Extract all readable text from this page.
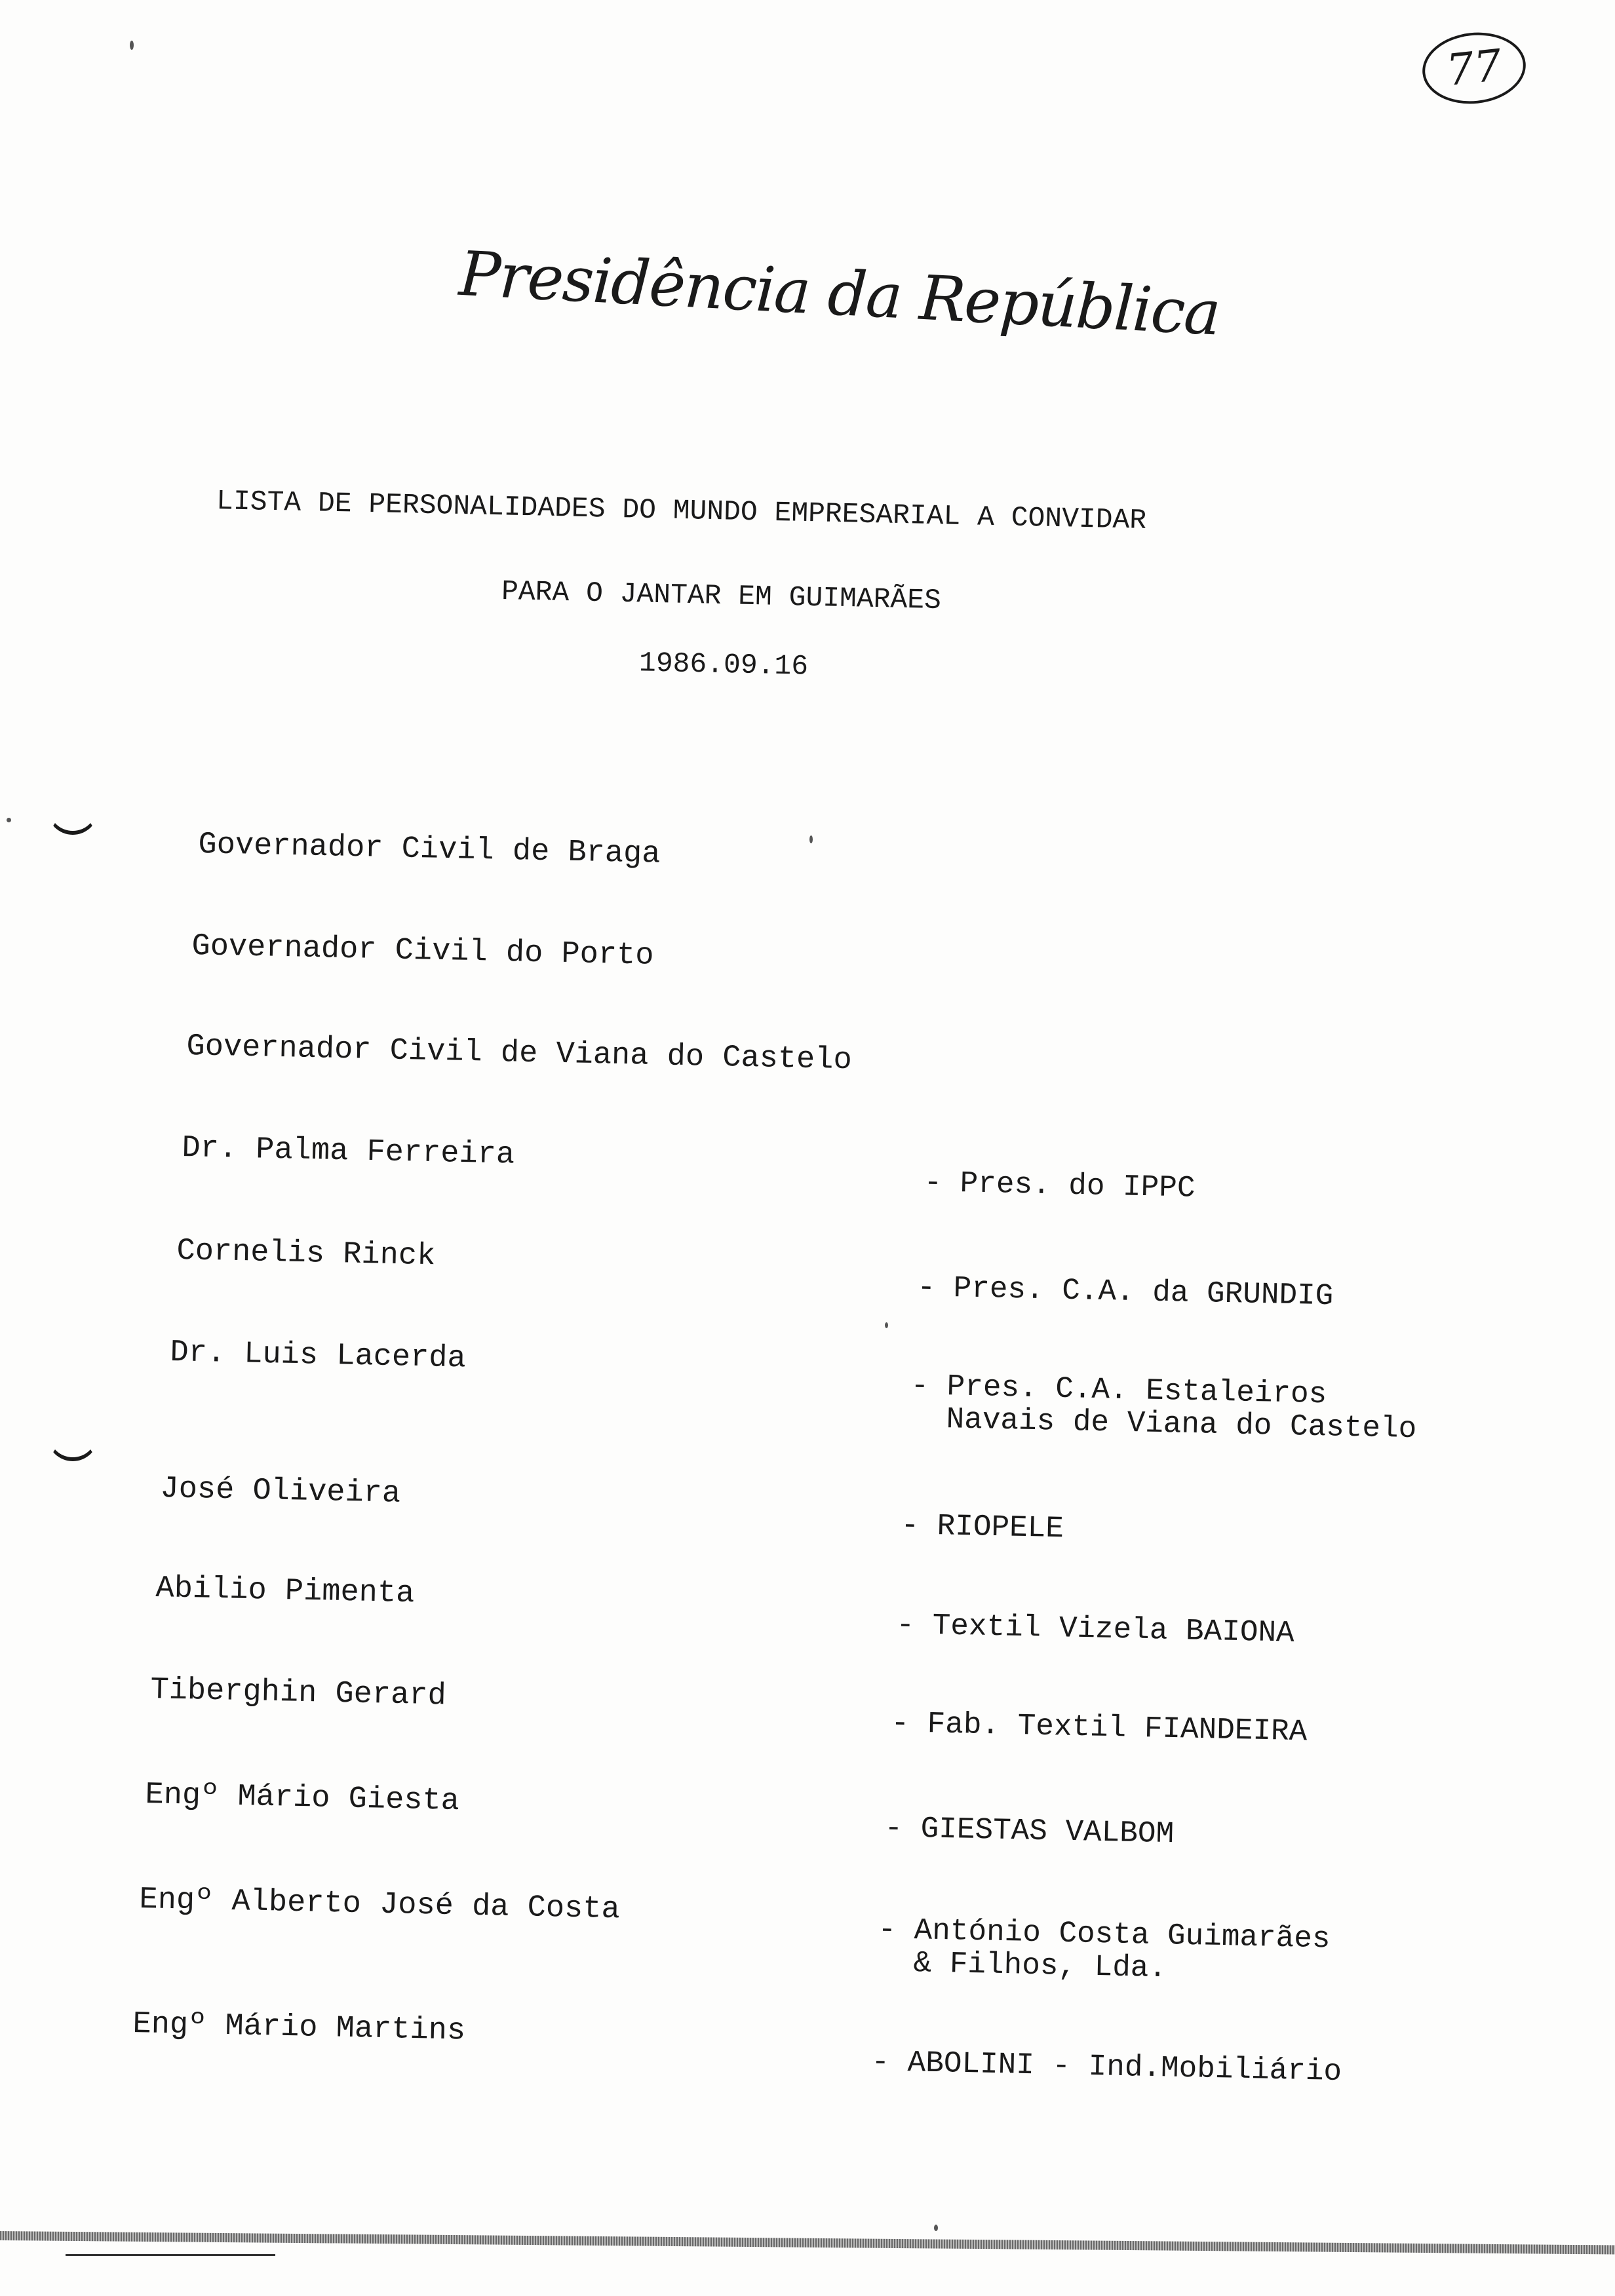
77
Presidência da República
LISTA DE PERSONALIDADES DO MUNDO EMPRESARIAL A CONVIDAR
PARA O JANTAR EM GUIMARÃES
1986.09.16
Governador Civil de Braga
Governador Civil do Porto
Governador Civil de Viana do Castelo
Dr. Palma Ferreira
Cornelis Rinck
Dr. Luis Lacerda
José Oliveira
Abilio Pimenta
Tiberghin Gerard
Engº Mário Giesta
Engº Alberto José da Costa
Engº Mário Martins
- Pres. do IPPC
- Pres. C.A. da GRUNDIG
- Pres. C.A. Estaleiros
Navais de Viana do Castelo
- RIOPELE
- Textil Vizela BAIONA
- Fab. Textil FIANDEIRA
- GIESTAS VALBOM
- António Costa Guimarães
& Filhos, Lda.
- ABOLINI - Ind.Mobiliário
